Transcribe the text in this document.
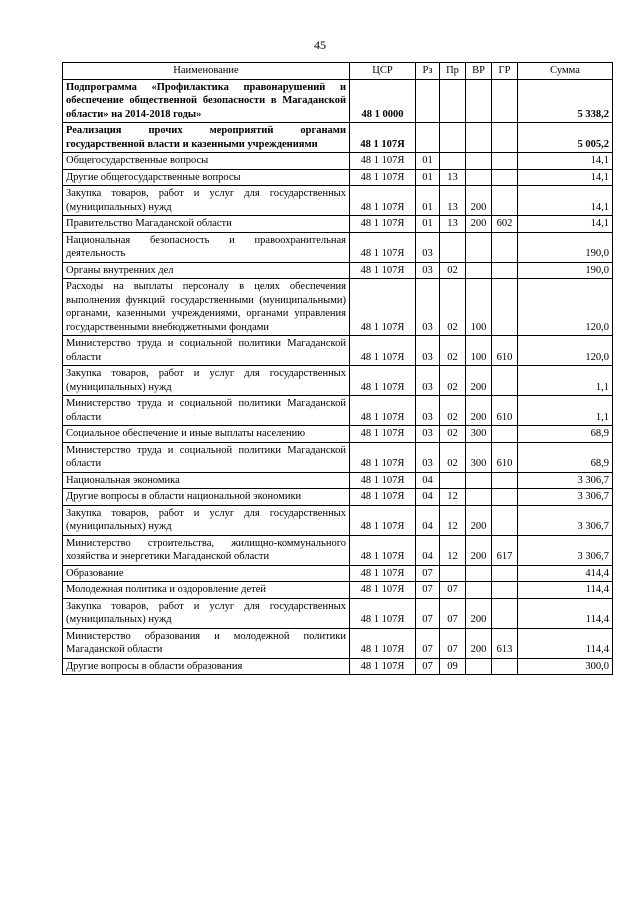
45
Наименование	ЦСР	Рз	Пр	ВР	ГР	Сумма
Подпрограмма «Профилактика правонарушений и обеспечение общественной безопасности в Магаданской области» на 2014-2018 годы»	48 1 0000					5 338,2
Реализация прочих мероприятий органами государственной власти и казенными учреждениями	48 1 107Я					5 005,2
Общегосударственные вопросы	48 1 107Я	01				14,1
Другие общегосударственные вопросы	48 1 107Я	01	13			14,1
Закупка товаров, работ и услуг для государственных (муниципальных) нужд	48 1 107Я	01	13	200		14,1
Правительство Магаданской области	48 1 107Я	01	13	200	602	14,1
Национальная безопасность и правоохранительная деятельность	48 1 107Я	03				190,0
Органы внутренних дел	48 1 107Я	03	02			190,0
Расходы на выплаты персоналу в целях обеспечения выполнения функций государственными (муниципальными) органами, казенными учреждениями, органами управления государственными внебюджетными фондами	48 1 107Я	03	02	100		120,0
Министерство труда и социальной политики Магаданской области	48 1 107Я	03	02	100	610	120,0
Закупка товаров, работ и услуг для государственных (муниципальных) нужд	48 1 107Я	03	02	200		1,1
Министерство труда и социальной политики Магаданской области	48 1 107Я	03	02	200	610	1,1
Социальное обеспечение и иные выплаты населению	48 1 107Я	03	02	300		68,9
Министерство труда и социальной политики Магаданской области	48 1 107Я	03	02	300	610	68,9
Национальная экономика	48 1 107Я	04				3 306,7
Другие вопросы в области национальной экономики	48 1 107Я	04	12			3 306,7
Закупка товаров, работ и услуг для государственных (муниципальных) нужд	48 1 107Я	04	12	200		3 306,7
Министерство строительства, жилищно-коммунального хозяйства и энергетики Магаданской области	48 1 107Я	04	12	200	617	3 306,7
Образование	48 1 107Я	07				414,4
Молодежная политика и оздоровление детей	48 1 107Я	07	07			114,4
Закупка товаров, работ и услуг для государственных (муниципальных) нужд	48 1 107Я	07	07	200		114,4
Министерство образования и молодежной политики Магаданской области	48 1 107Я	07	07	200	613	114,4
Другие вопросы в области образования	48 1 107Я	07	09			300,0
